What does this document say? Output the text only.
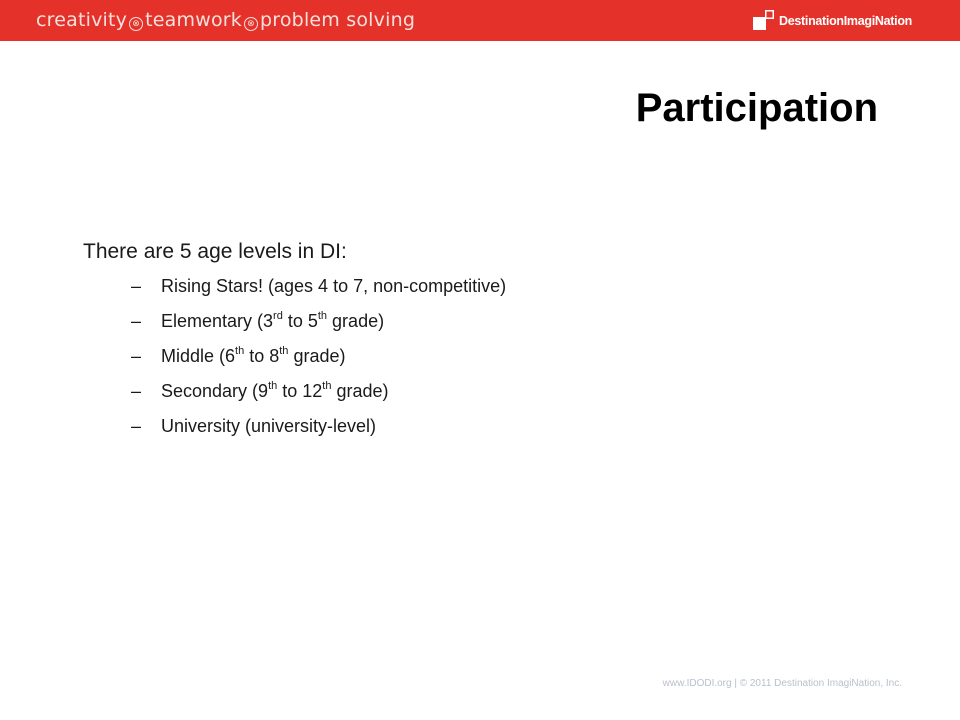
creativity ⊗ teamwork ⊗ problem solving	DestinationImagiNation
Participation

There are 5 age levels in DI:

– Rising Stars! (ages 4 to 7, non-competitive)
– Elementary (3rd to 5th grade)
– Middle (6th to 8th grade)
– Secondary (9th to 12th grade)
– University (university-level)
www.IDODI.org | © 2011 Destination ImagiNation, Inc.
